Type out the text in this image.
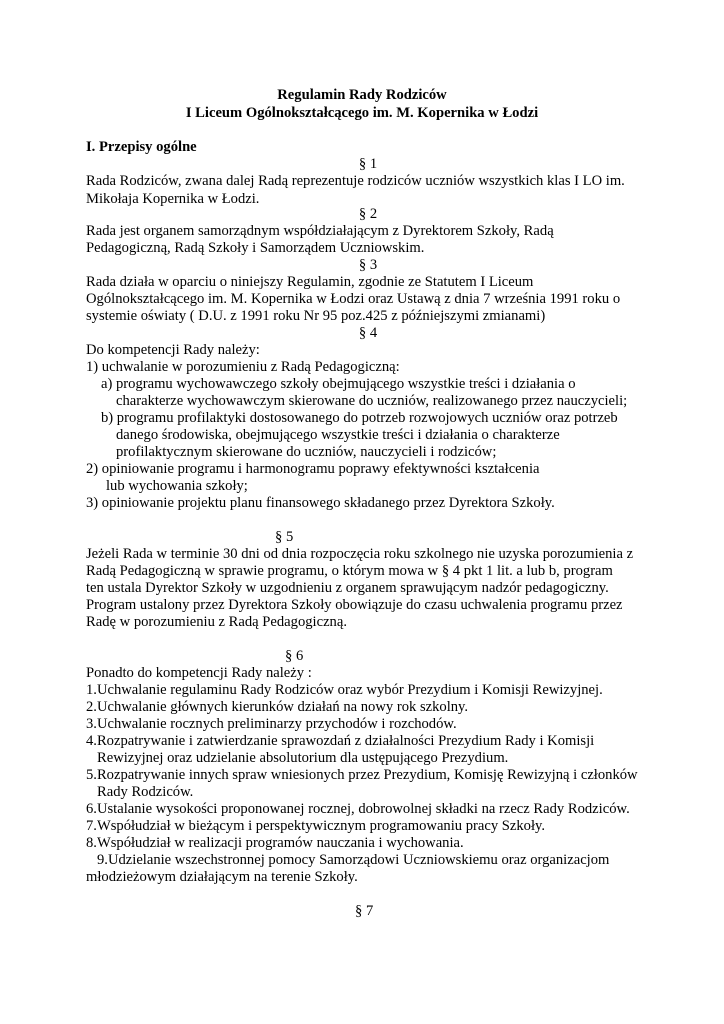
Regulamin Rady Rodziców
I Liceum Ogólnokształcącego im. M. Kopernika w Łodzi
I. Przepisy ogólne
§ 1
Rada Rodziców, zwana dalej Radą reprezentuje rodziców uczniów wszystkich klas I LO im.
Mikołaja Kopernika w Łodzi.
§ 2
Rada jest organem samorządnym współdziałającym z Dyrektorem Szkoły, Radą
Pedagogiczną, Radą Szkoły i Samorządem Uczniowskim.
§ 3
Rada działa w oparciu o niniejszy Regulamin, zgodnie ze Statutem I Liceum
Ogólnokształcącego im. M. Kopernika w Łodzi oraz Ustawą z dnia 7 września 1991 roku o
systemie oświaty ( D.U. z 1991 roku Nr 95 poz.425 z późniejszymi zmianami)
§ 4
Do kompetencji Rady należy:
1) uchwalanie w porozumieniu z Radą Pedagogiczną:
a) programu wychowawczego szkoły obejmującego wszystkie treści i działania o
charakterze wychowawczym skierowane do uczniów, realizowanego przez nauczycieli;
b) programu profilaktyki dostosowanego do potrzeb rozwojowych uczniów oraz potrzeb
danego środowiska, obejmującego wszystkie treści i działania o charakterze
profilaktycznym skierowane do uczniów, nauczycieli i rodziców;
2) opiniowanie programu i harmonogramu poprawy efektywności kształcenia
lub wychowania szkoły;
3) opiniowanie projektu planu finansowego składanego przez Dyrektora Szkoły.
§ 5
Jeżeli Rada w terminie 30 dni od dnia rozpoczęcia roku szkolnego nie uzyska porozumienia z
Radą Pedagogiczną w sprawie programu, o którym mowa w § 4 pkt 1 lit. a lub b, program
ten ustala Dyrektor Szkoły w uzgodnieniu z organem sprawującym nadzór pedagogiczny.
Program ustalony przez Dyrektora Szkoły obowiązuje do czasu uchwalenia programu przez
Radę w porozumieniu z Radą Pedagogiczną.
§ 6
Ponadto do kompetencji Rady należy :
1.Uchwalanie regulaminu Rady Rodziców oraz wybór Prezydium i Komisji Rewizyjnej.
2.Uchwalanie głównych kierunków działań na nowy rok szkolny.
3.Uchwalanie rocznych preliminarzy przychodów i rozchodów.
4.Rozpatrywanie i zatwierdzanie sprawozdań z działalności Prezydium Rady i Komisji
Rewizyjnej oraz udzielanie absolutorium dla ustępującego Prezydium.
5.Rozpatrywanie innych spraw wniesionych przez Prezydium, Komisję Rewizyjną i członków
Rady Rodziców.
6.Ustalanie wysokości proponowanej rocznej, dobrowolnej składki na rzecz Rady Rodziców.
7.Współudział w bieżącym i perspektywicznym programowaniu pracy Szkoły.
8.Współudział w realizacji programów nauczania i wychowania.
9.Udzielanie wszechstronnej pomocy Samorządowi Uczniowskiemu oraz organizacjom
młodzieżowym działającym na terenie Szkoły.
§ 7
